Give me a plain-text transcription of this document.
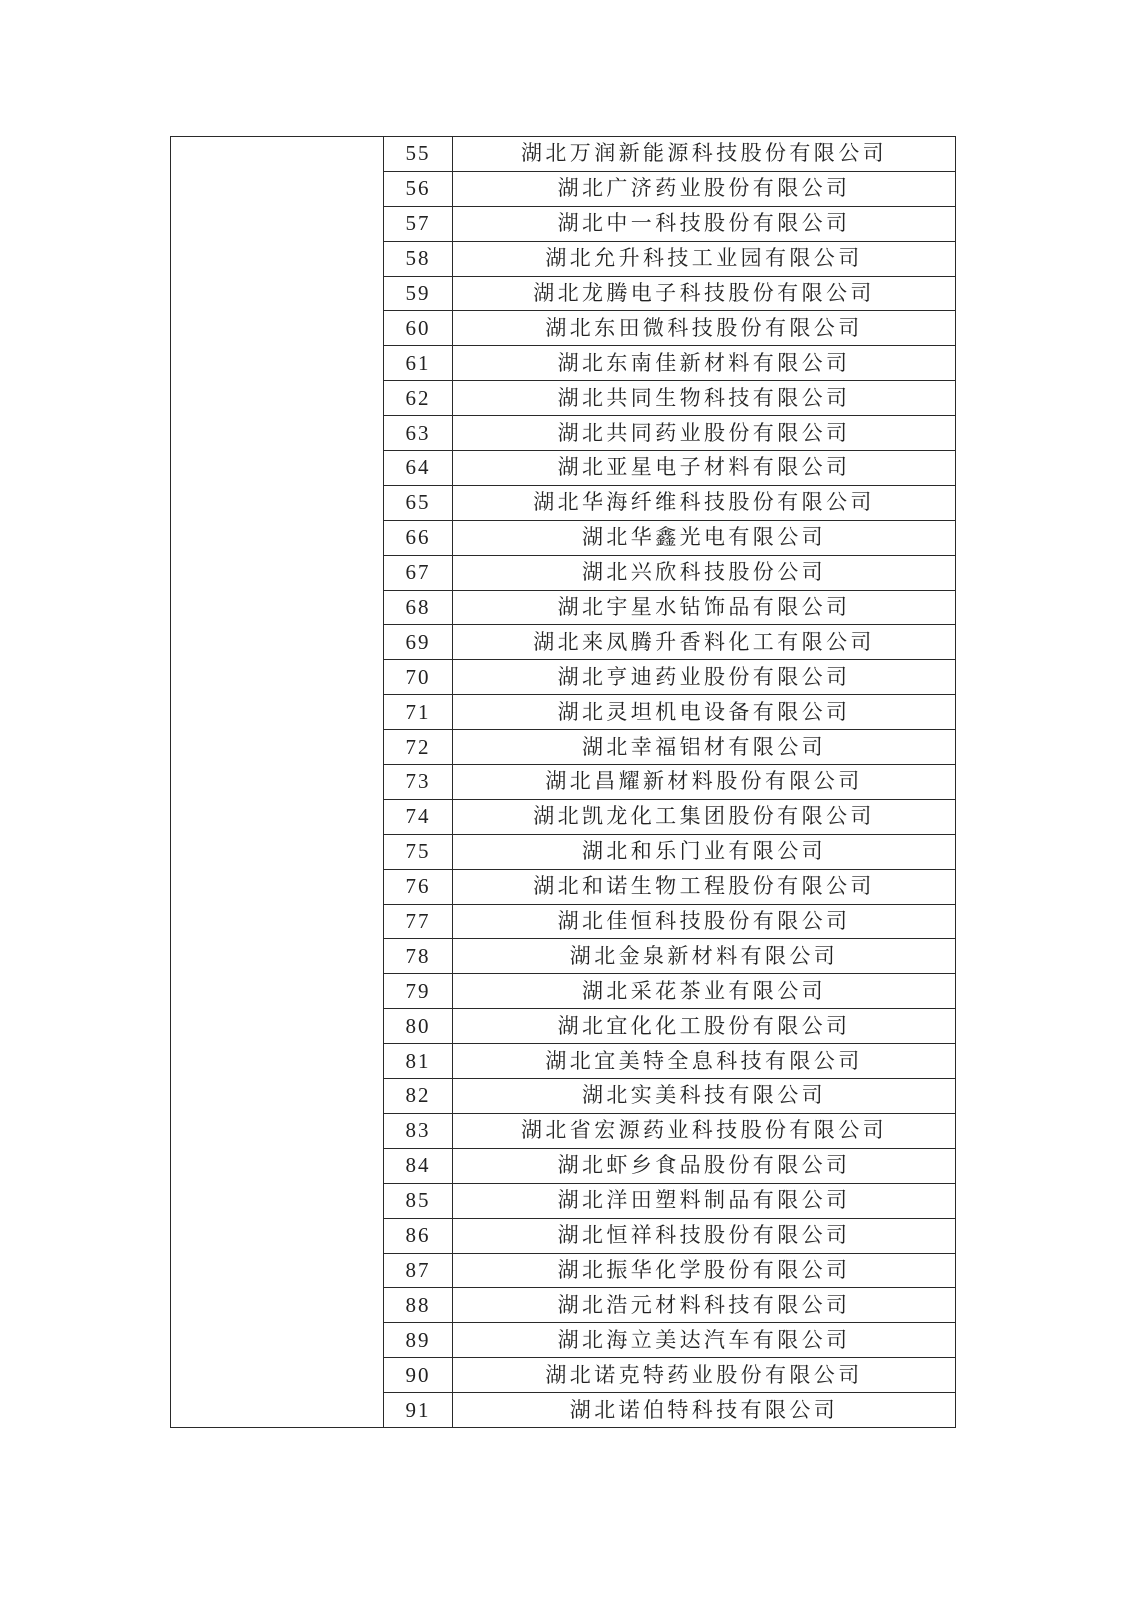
	55	湖北万润新能源科技股份有限公司
	56	湖北广济药业股份有限公司
	57	湖北中一科技股份有限公司
	58	湖北允升科技工业园有限公司
	59	湖北龙腾电子科技股份有限公司
	60	湖北东田微科技股份有限公司
	61	湖北东南佳新材料有限公司
	62	湖北共同生物科技有限公司
	63	湖北共同药业股份有限公司
	64	湖北亚星电子材料有限公司
	65	湖北华海纤维科技股份有限公司
	66	湖北华鑫光电有限公司
	67	湖北兴欣科技股份公司
	68	湖北宇星水钻饰品有限公司
	69	湖北来凤腾升香料化工有限公司
	70	湖北亨迪药业股份有限公司
	71	湖北灵坦机电设备有限公司
	72	湖北幸福铝材有限公司
	73	湖北昌耀新材料股份有限公司
	74	湖北凯龙化工集团股份有限公司
	75	湖北和乐门业有限公司
	76	湖北和诺生物工程股份有限公司
	77	湖北佳恒科技股份有限公司
	78	湖北金泉新材料有限公司
	79	湖北采花茶业有限公司
	80	湖北宜化化工股份有限公司
	81	湖北宜美特全息科技有限公司
	82	湖北实美科技有限公司
	83	湖北省宏源药业科技股份有限公司
	84	湖北虾乡食品股份有限公司
	85	湖北洋田塑料制品有限公司
	86	湖北恒祥科技股份有限公司
	87	湖北振华化学股份有限公司
	88	湖北浩元材料科技有限公司
	89	湖北海立美达汽车有限公司
	90	湖北诺克特药业股份有限公司
	91	湖北诺伯特科技有限公司
